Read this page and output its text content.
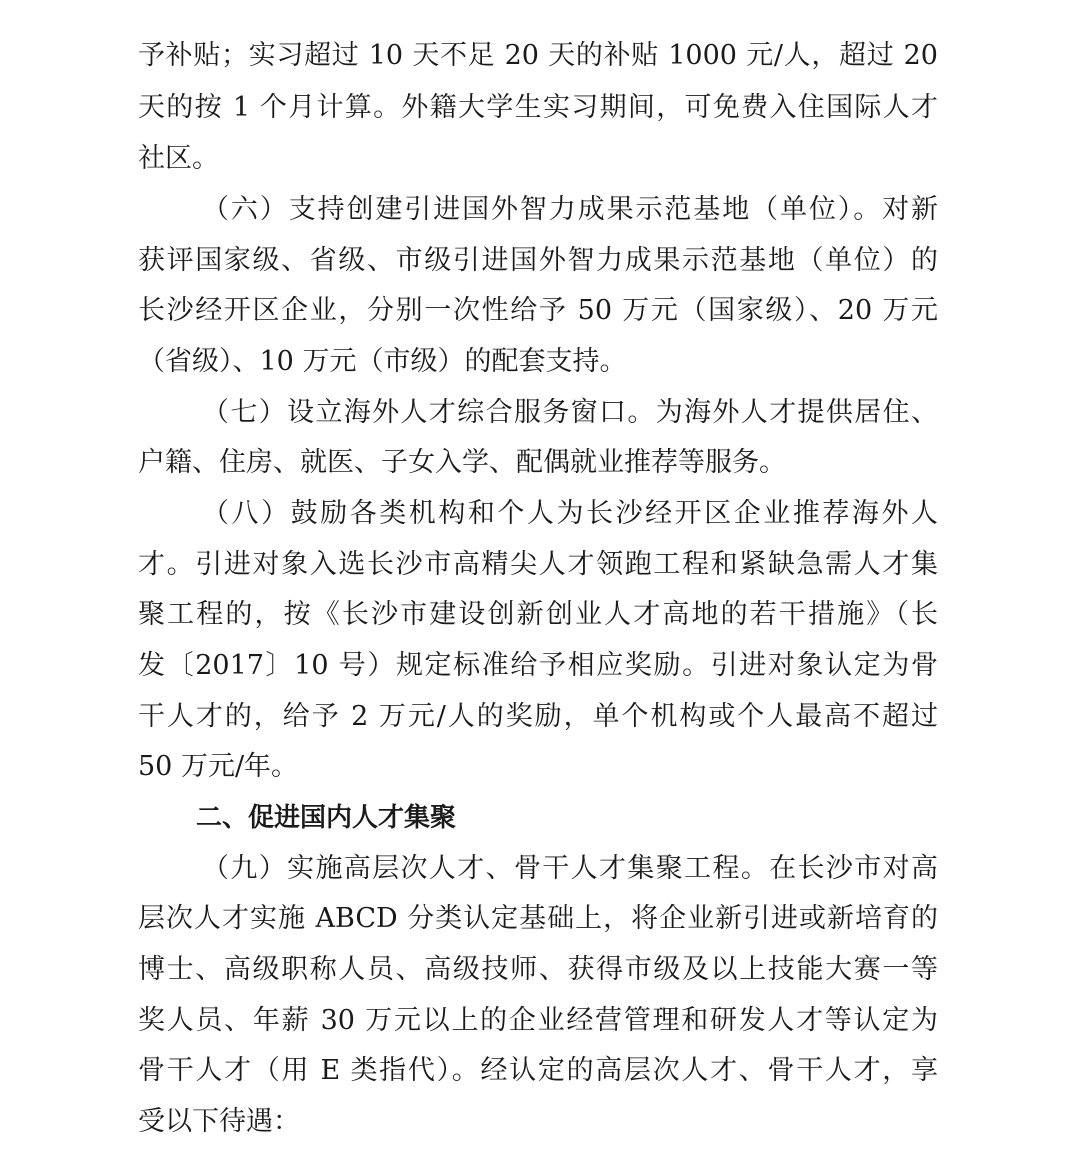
予补贴；实习超过 10 天不足 20 天的补贴 1000 元/人，超过 20
天的按 1 个月计算。外籍大学生实习期间，可免费入住国际人才
社区。
（六）支持创建引进国外智力成果示范基地（单位）。对新
获评国家级、省级、市级引进国外智力成果示范基地（单位）的
长沙经开区企业，分别一次性给予 50 万元（国家级）、20 万元
（省级）、10 万元（市级）的配套支持。
（七）设立海外人才综合服务窗口。为海外人才提供居住、
户籍、住房、就医、子女入学、配偶就业推荐等服务。
（八）鼓励各类机构和个人为长沙经开区企业推荐海外人
才。引进对象入选长沙市高精尖人才领跑工程和紧缺急需人才集
聚工程的，按《长沙市建设创新创业人才高地的若干措施》（长
发〔2017〕10 号）规定标准给予相应奖励。引进对象认定为骨
干人才的，给予 2 万元/人的奖励，单个机构或个人最高不超过
50 万元/年。
二、促进国内人才集聚
（九）实施高层次人才、骨干人才集聚工程。在长沙市对高
层次人才实施 ABCD 分类认定基础上，将企业新引进或新培育的
博士、高级职称人员、高级技师、获得市级及以上技能大赛一等
奖人员、年薪 30 万元以上的企业经营管理和研发人才等认定为
骨干人才（用 E 类指代）。经认定的高层次人才、骨干人才，享
受以下待遇：
